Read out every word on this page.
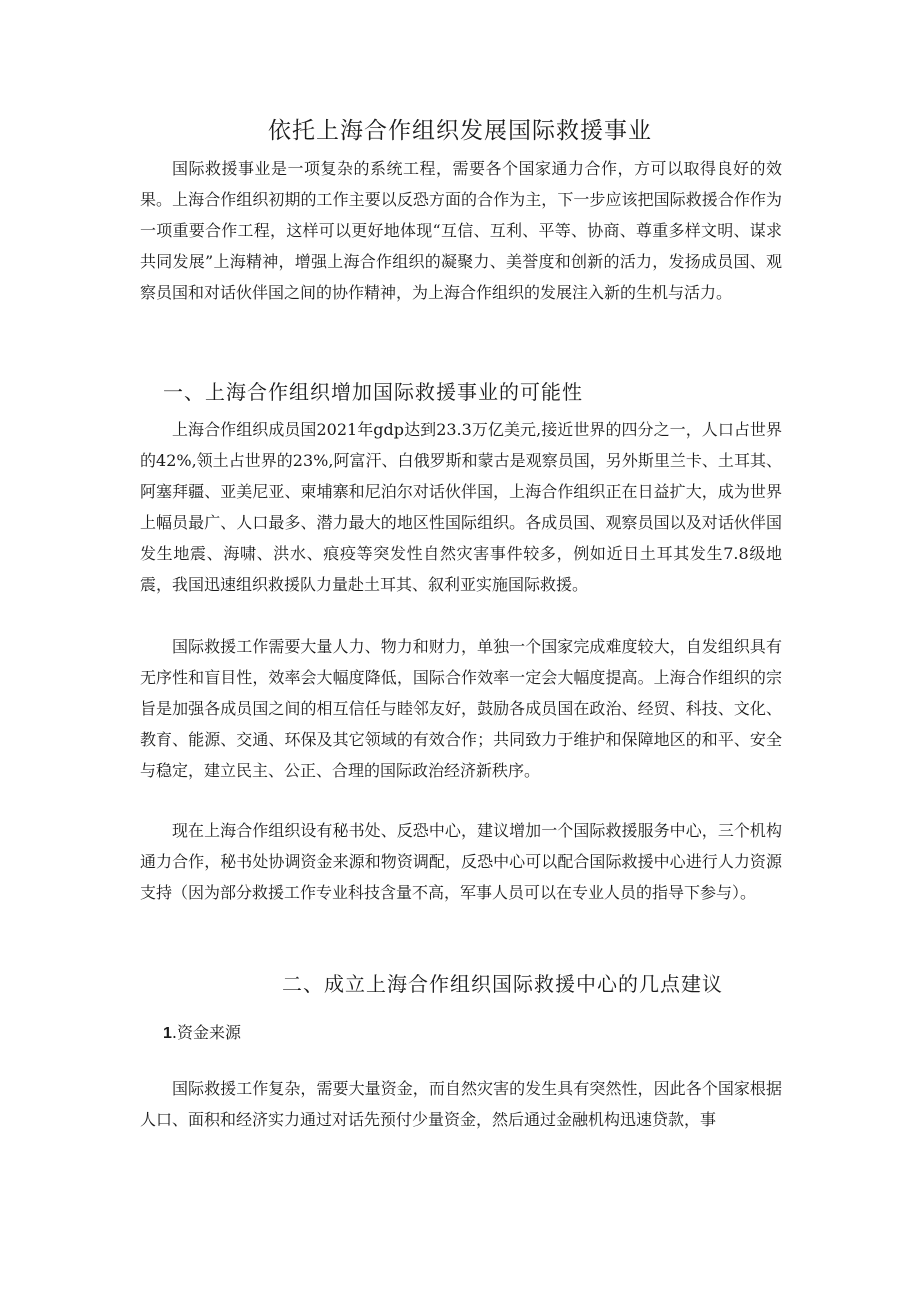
依托上海合作组织发展国际救援事业

国际救援事业是一项复杂的系统工程，需要各个国家通力合作，方可以取得良好的效果。上海合作组织初期的工作主要以反恐方面的合作为主，下一步应该把国际救援合作作为一项重要合作工程，这样可以更好地体现“互信、互利、平等、协商、尊重多样文明、谋求共同发展”上海精神，增强上海合作组织的凝聚力、美誉度和创新的活力，发扬成员国、观察员国和对话伙伴国之间的协作精神，为上海合作组织的发展注入新的生机与活力。

一、上海合作组织增加国际救援事业的可能性

上海合作组织成员国2021年gdp达到23.3万亿美元,接近世界的四分之一，人口占世界的42%,领土占世界的23%,阿富汗、白俄罗斯和蒙古是观察员国，另外斯里兰卡、土耳其、阿塞拜疆、亚美尼亚、柬埔寨和尼泊尔对话伙伴国，上海合作组织正在日益扩大，成为世界上幅员最广、人口最多、潜力最大的地区性国际组织。各成员国、观察员国以及对话伙伴国发生地震、海啸、洪水、痕疫等突发性自然灾害事件较多，例如近日土耳其发生7.8级地震，我国迅速组织救援队力量赴土耳其、叙利亚实施国际救援。

国际救援工作需要大量人力、物力和财力，单独一个国家完成难度较大，自发组织具有无序性和盲目性，效率会大幅度降低，国际合作效率一定会大幅度提高。上海合作组织的宗旨是加强各成员国之间的相互信任与睦邻友好，鼓励各成员国在政治、经贸、科技、文化、教育、能源、交通、环保及其它领域的有效合作；共同致力于维护和保障地区的和平、安全与稳定，建立民主、公正、合理的国际政治经济新秩序。

现在上海合作组织设有秘书处、反恐中心，建议增加一个国际救援服务中心，三个机构通力合作，秘书处协调资金来源和物资调配，反恐中心可以配合国际救援中心进行人力资源支持（因为部分救援工作专业科技含量不高，军事人员可以在专业人员的指导下参与）。

二、成立上海合作组织国际救援中心的几点建议
1.资金来源

国际救援工作复杂，需要大量资金，而自然灾害的发生具有突然性，因此各个国家根据人口、面积和经济实力通过对话先预付少量资金，然后通过金融机构迅速贷款，事
